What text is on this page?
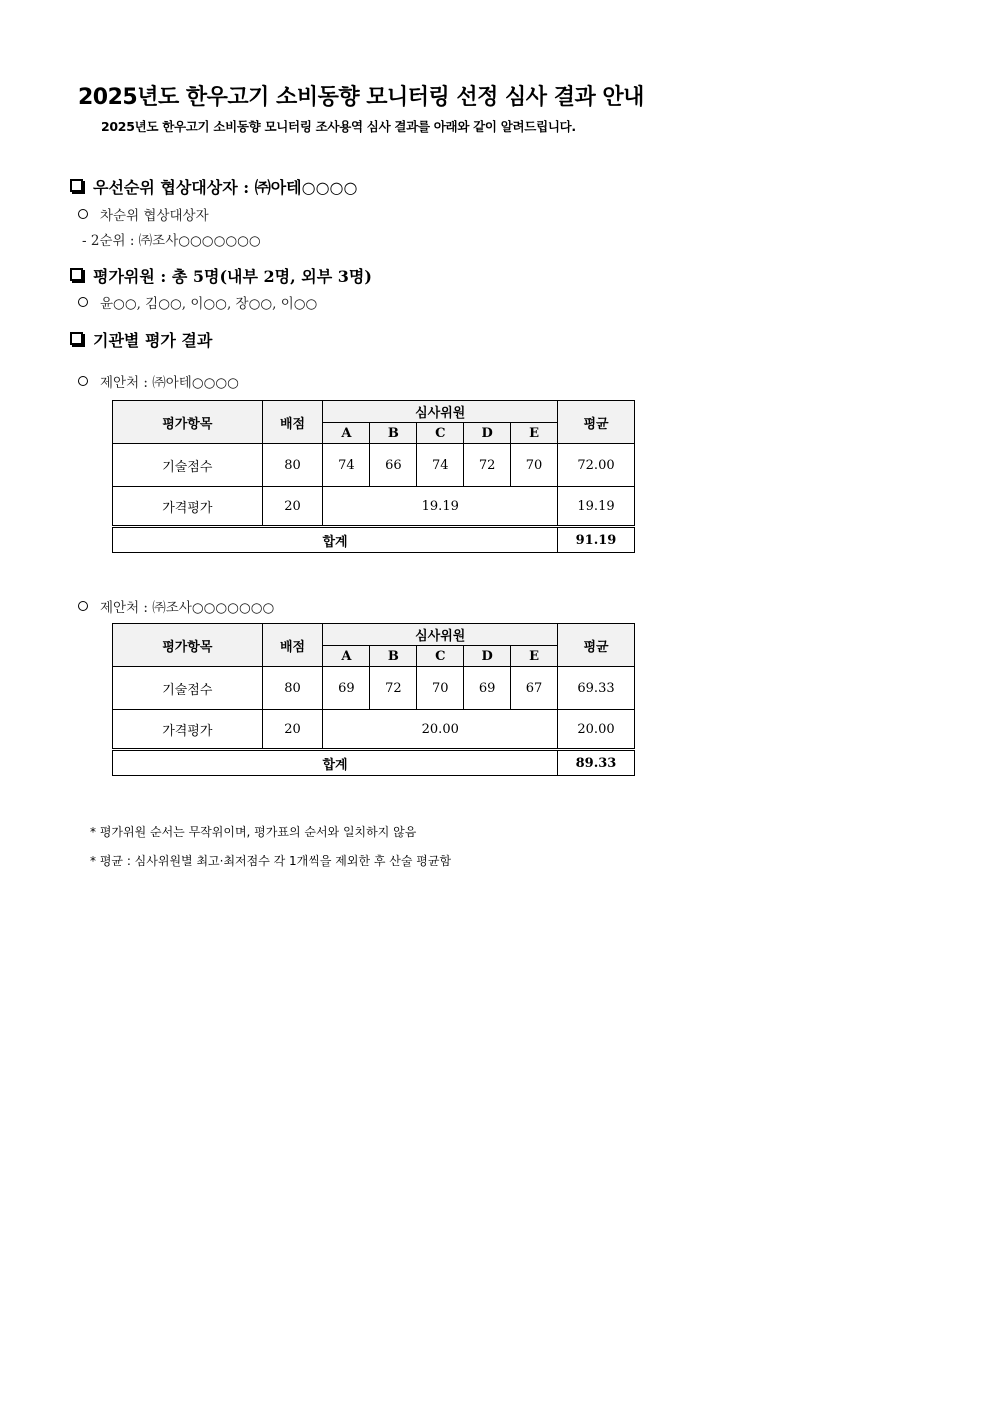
2025년도 한우고기 소비동향 모니터링 선정 심사 결과 안내
2025년도 한우고기 소비동향 모니터링 조사용역 심사 결과를 아래와 같이 알려드립니다.
우선순위 협상대상자 : ㈜아테○○○○
차순위 협상대상자
- 2순위 : ㈜조사○○○○○○○
평가위원 : 총 5명(내부 2명, 외부 3명)
윤○○, 김○○, 이○○, 장○○, 이○○
기관별 평가 결과
제안처 : ㈜아테○○○○
평가항목	배점	심사위원					평균
		A	B	C	D	E	
기술점수	80	74	66	74	72	70	72.00
가격평가	20	19.19					19.19
합계							91.19
제안처 : ㈜조사○○○○○○○
평가항목	배점	심사위원					평균
		A	B	C	D	E	
기술점수	80	69	72	70	69	67	69.33
가격평가	20	20.00					20.00
합계							89.33
* 평가위원 순서는 무작위이며, 평가표의 순서와 일치하지 않음
* 평균 : 심사위원별 최고·최저점수 각 1개씩을 제외한 후 산술 평균함
